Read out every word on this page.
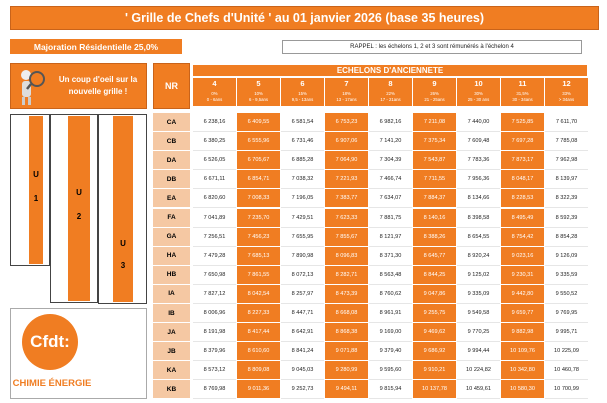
' Grille de Chefs d'Unité ' au 01 janvier 2026 (base 35 heures)
Majoration Résidentielle 25,0%	RAPPEL : les échelons 1, 2 et 3 sont rémunérés à l'échelon 4
Un coup d'oeil sur la nouvelle grille !
NR
ECHELONS D'ANCIENNETE
4
0%
0 - 6ans
5
10%
6 - 9,5ans
6
15%
9,5 - 13ans
7
18%
13 - 17ans
8
22%
17 - 21ans
9
26%
21 - 25ans
10
30%
25 - 30 ans
11
31,5%
30 - 34ans
12
33%
> 34ans
U
1
U
2
U
3
CA	6 238,16	6 409,55	6 581,54	6 753,23	6 982,16	7 211,08	7 440,00	7 525,85	7 611,70
CB	6 380,25	6 555,96	6 731,46	6 907,06	7 141,20	7 375,34	7 609,48	7 697,28	7 785,08
DA	6 526,05	6 705,67	6 885,28	7 064,90	7 304,39	7 543,87	7 783,36	7 873,17	7 962,98
DB	6 671,11	6 854,71	7 038,32	7 221,93	7 466,74	7 711,55	7 956,36	8 048,17	8 139,97
EA	6 820,60	7 008,33	7 196,05	7 383,77	7 634,07	7 884,37	8 134,66	8 228,53	8 322,39
FA	7 041,89	7 235,70	7 429,51	7 623,33	7 881,75	8 140,16	8 398,58	8 495,49	8 592,39
GA	7 256,51	7 456,23	7 655,95	7 855,67	8 121,97	8 388,26	8 654,55	8 754,42	8 854,28
HA	7 479,28	7 685,13	7 890,98	8 096,83	8 371,30	8 645,77	8 920,24	9 023,16	9 126,09
HB	7 650,98	7 861,55	8 072,13	8 282,71	8 563,48	8 844,25	9 125,02	9 230,31	9 335,59
IA	7 827,12	8 042,54	8 257,97	8 473,39	8 760,62	9 047,86	9 335,09	9 442,80	9 550,52
IB	8 006,96	8 227,33	8 447,71	8 668,08	8 961,91	9 255,75	9 549,58	9 659,77	9 769,95
JA	8 191,98	8 417,44	8 642,91	8 868,38	9 169,00	9 469,62	9 770,25	9 882,98	9 995,71
JB	8 379,96	8 610,60	8 841,24	9 071,88	9 379,40	9 686,92	9 994,44	10 109,76	10 225,09
KA	8 573,12	8 809,08	9 045,03	9 280,99	9 595,60	9 910,21	10 224,82	10 342,80	10 460,78
KB	8 769,98	9 011,36	9 252,73	9 494,11	9 815,94	10 137,78	10 459,61	10 580,30	10 700,99
Cfdt:
CHIMIE ÉNERGIE
